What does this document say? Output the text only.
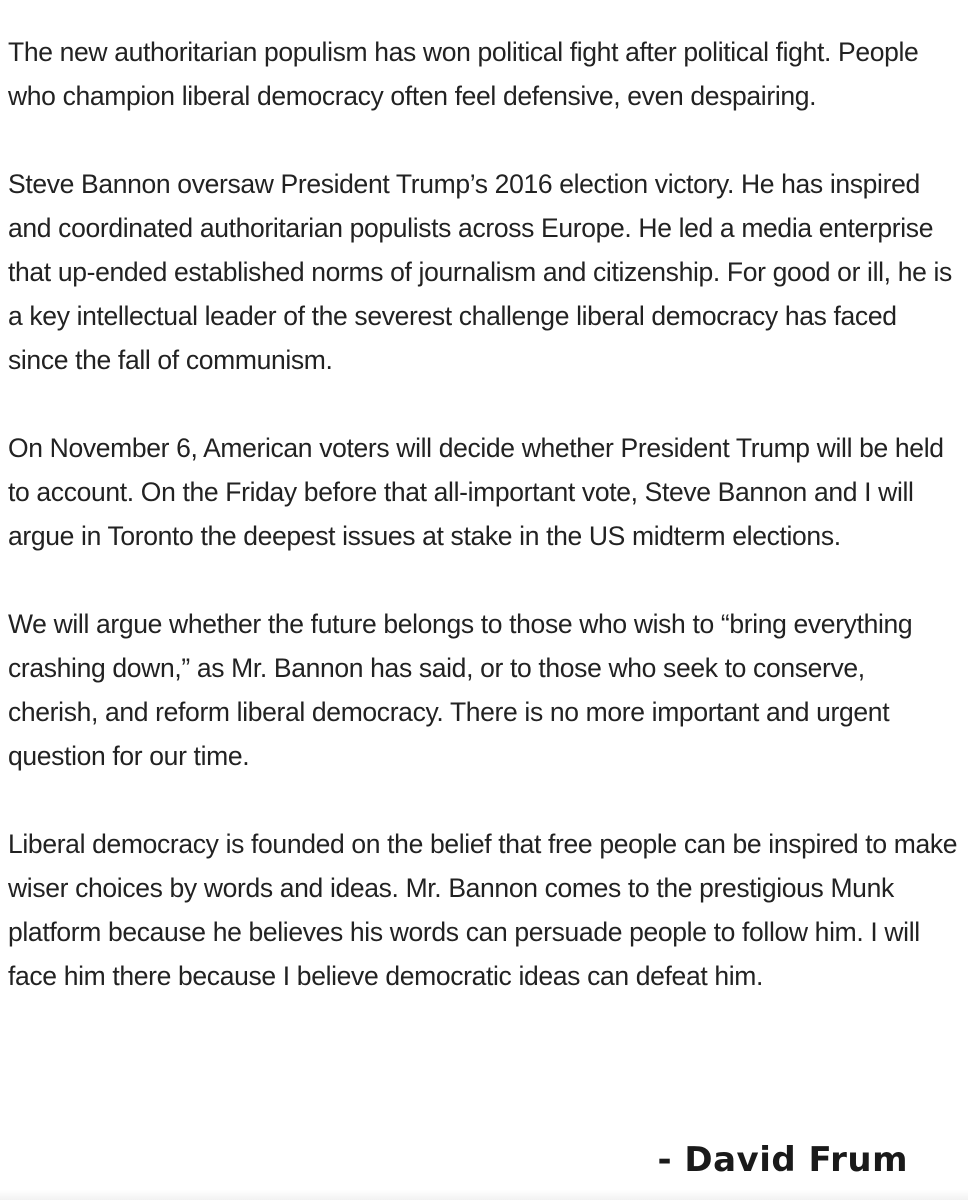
The new authoritarian populism has won political fight after political fight. People who champion liberal democracy often feel defensive, even despairing.

Steve Bannon oversaw President Trump’s 2016 election victory. He has inspired and coordinated authoritarian populists across Europe. He led a media enterprise that up-ended established norms of journalism and citizenship. For good or ill, he is a key intellectual leader of the severest challenge liberal democracy has faced since the fall of communism.

On November 6, American voters will decide whether President Trump will be held to account. On the Friday before that all-important vote, Steve Bannon and I will argue in Toronto the deepest issues at stake in the US midterm elections.

We will argue whether the future belongs to those who wish to “bring everything crashing down,” as Mr. Bannon has said, or to those who seek to conserve, cherish, and reform liberal democracy. There is no more important and urgent question for our time.

Liberal democracy is founded on the belief that free people can be inspired to make wiser choices by words and ideas. Mr. Bannon comes to the prestigious Munk platform because he believes his words can persuade people to follow him. I will face him there because I believe democratic ideas can defeat him.

- David Frum
